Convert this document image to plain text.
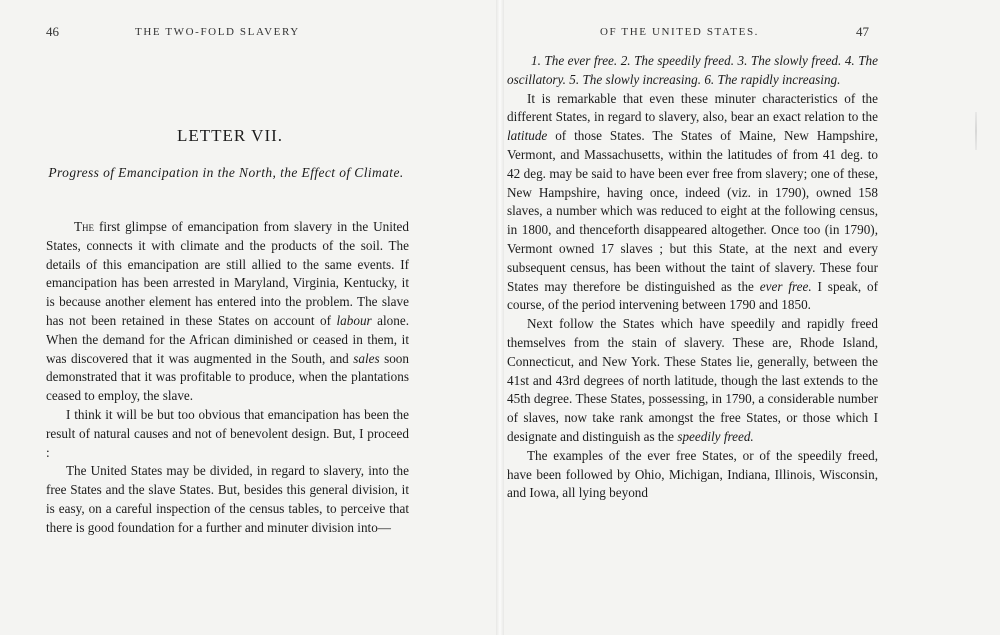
46	THE TWO-FOLD SLAVERY
LETTER VII.
Progress of Emancipation in the North, the Effect of Climate.

The first glimpse of emancipation from slavery in the United States, connects it with climate and the products of the soil. The details of this emancipation are still allied to the same events. If emancipation has been arrested in Maryland, Virginia, Kentucky, it is because another element has entered into the problem. The slave has not been retained in these States on account of labour alone. When the demand for the African diminished or ceased in them, it was discovered that it was augmented in the South, and sales soon demonstrated that it was profitable to produce, when the plantations ceased to employ, the slave.

I think it will be but too obvious that emancipation has been the result of natural causes and not of benevolent design. But, I proceed :

The United States may be divided, in regard to slavery, into the free States and the slave States. But, besides this general division, it is easy, on a careful inspection of the census tables, to perceive that there is good foundation for a further and minuter division into—

OF THE UNITED STATES.	47

1. The ever free. 2. The speedily freed. 3. The slowly freed. 4. The oscillatory. 5. The slowly increasing. 6. The rapidly increasing.

It is remarkable that even these minuter characteristics of the different States, in regard to slavery, also, bear an exact relation to the latitude of those States. The States of Maine, New Hampshire, Vermont, and Massachusetts, within the latitudes of from 41 deg. to 42 deg. may be said to have been ever free from slavery; one of these, New Hampshire, having once, indeed (viz. in 1790), owned 158 slaves, a number which was reduced to eight at the following census, in 1800, and thenceforth disappeared altogether. Once too (in 1790), Vermont owned 17 slaves ; but this State, at the next and every subsequent census, has been without the taint of slavery. These four States may therefore be distinguished as the ever free. I speak, of course, of the period intervening between 1790 and 1850.

Next follow the States which have speedily and rapidly freed themselves from the stain of slavery. These are, Rhode Island, Connecticut, and New York. These States lie, generally, between the 41st and 43rd degrees of north latitude, though the last extends to the 45th degree. These States, possessing, in 1790, a considerable number of slaves, now take rank amongst the free States, or those which I designate and distinguish as the speedily freed.

The examples of the ever free States, or of the speedily freed, have been followed by Ohio, Michigan, Indiana, Illinois, Wisconsin, and Iowa, all lying beyond
